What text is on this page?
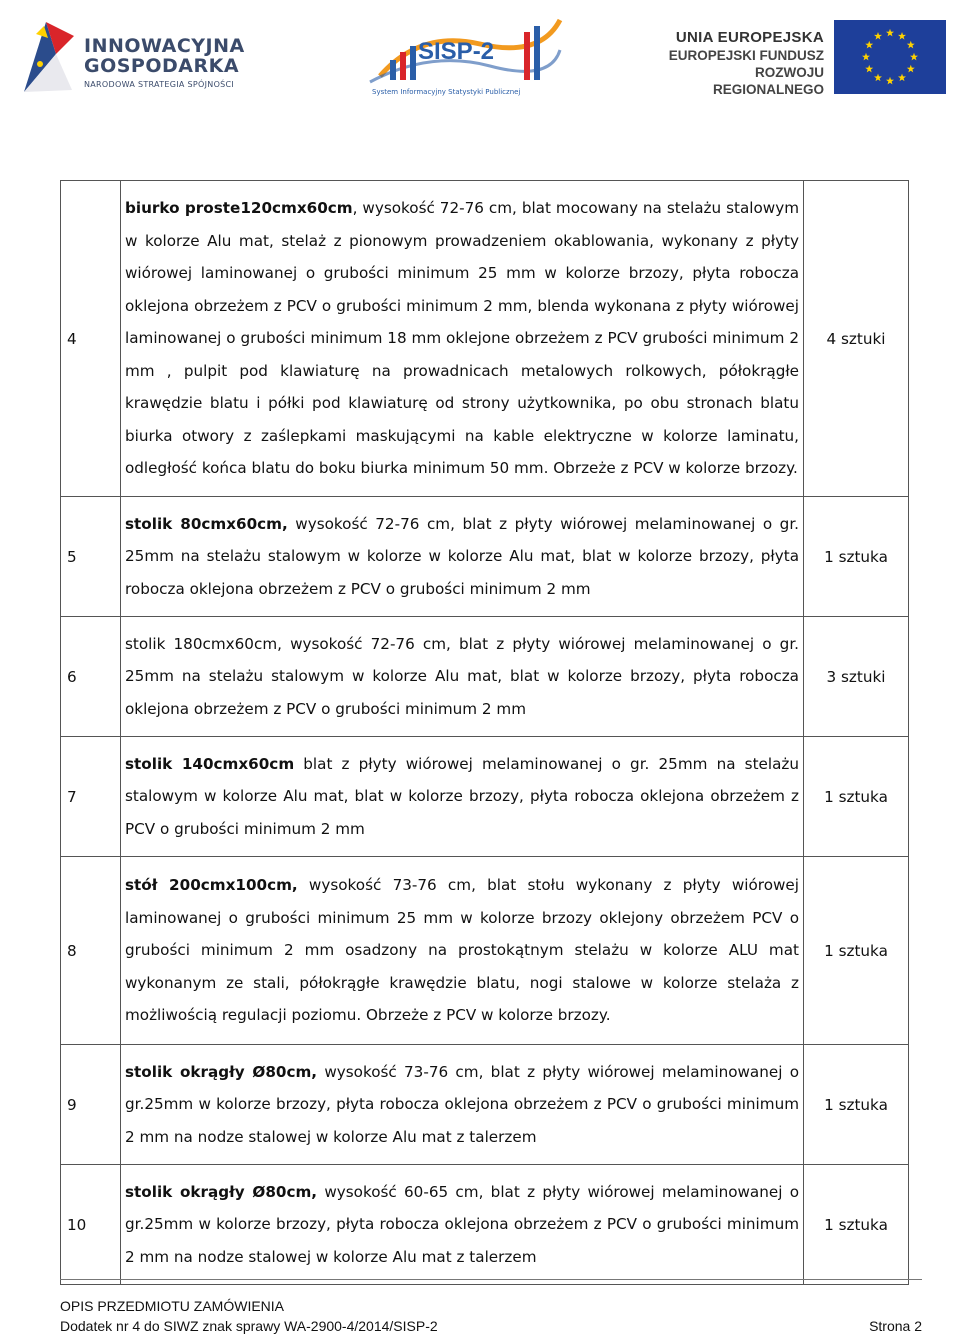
INNOWACYJNA
GOSPODARKA
NARODOWA STRATEGIA SPÓJNOŚCI
SISP-2
System Informacyjny Statystyki Publicznej
UNIA EUROPEJSKA
EUROPEJSKI FUNDUSZ
ROZWOJU REGIONALNEGO
4	biurko proste120cmx60cm, wysokość 72-76 cm, blat mocowany na stelażu stalowym w kolorze Alu mat, stelaż z pionowym prowadzeniem okablowania, wykonany z płyty wiórowej laminowanej o grubości minimum 25 mm w kolorze brzozy, płyta robocza oklejona obrzeżem z PCV o grubości minimum 2 mm, blenda wykonana z płyty wiórowej laminowanej o grubości minimum 18 mm oklejone obrzeżem z PCV grubości minimum 2 mm , pulpit pod klawiaturę na prowadnicach metalowych rolkowych, półokrągłe krawędzie blatu i półki pod klawiaturę od strony użytkownika, po obu stronach blatu biurka otwory z zaślepkami maskującymi na kable elektryczne w kolorze laminatu, odległość końca blatu do boku biurka minimum 50 mm. Obrzeże z PCV w kolorze brzozy.	4 sztuki
5	stolik 80cmx60cm, wysokość 72-76 cm, blat z płyty wiórowej melaminowanej o gr. 25mm na stelażu stalowym w kolorze w kolorze Alu mat, blat w kolorze brzozy, płyta robocza oklejona obrzeżem z PCV o grubości minimum 2 mm	1 sztuka
6	stolik 180cmx60cm, wysokość 72-76 cm, blat z płyty wiórowej melaminowanej o gr. 25mm na stelażu stalowym w kolorze Alu mat, blat w kolorze brzozy, płyta robocza oklejona obrzeżem z PCV o grubości minimum 2 mm	3 sztuki
7	stolik 140cmx60cm blat z płyty wiórowej melaminowanej o gr. 25mm na stelażu stalowym w kolorze Alu mat, blat w kolorze brzozy, płyta robocza oklejona obrzeżem z PCV o grubości minimum 2 mm	1 sztuka
8	stół 200cmx100cm, wysokość 73-76 cm, blat stołu wykonany z płyty wiórowej laminowanej o grubości minimum 25 mm w kolorze brzozy oklejony obrzeżem PCV o grubości minimum 2 mm osadzony na prostokątnym stelażu w kolorze ALU mat wykonanym ze stali, półokrągłe krawędzie blatu, nogi stalowe w kolorze stelaża z możliwością regulacji poziomu. Obrzeże z PCV w kolorze brzozy.	1 sztuka
9	stolik okrągły Ø80cm, wysokość 73-76 cm, blat z płyty wiórowej melaminowanej o gr.25mm w kolorze brzozy, płyta robocza oklejona obrzeżem z PCV o grubości minimum 2 mm na nodze stalowej w kolorze Alu mat z talerzem	1 sztuka
10	stolik okrągły Ø80cm, wysokość 60-65 cm, blat z płyty wiórowej melaminowanej o gr.25mm w kolorze brzozy, płyta robocza oklejona obrzeżem z PCV o grubości minimum 2 mm na nodze stalowej w kolorze Alu mat z talerzem	1 sztuka
OPIS PRZEDMIOTU ZAMÓWIENIA
Dodatek nr 4 do SIWZ znak sprawy WA-2900-4/2014/SISP-2	Strona 2
